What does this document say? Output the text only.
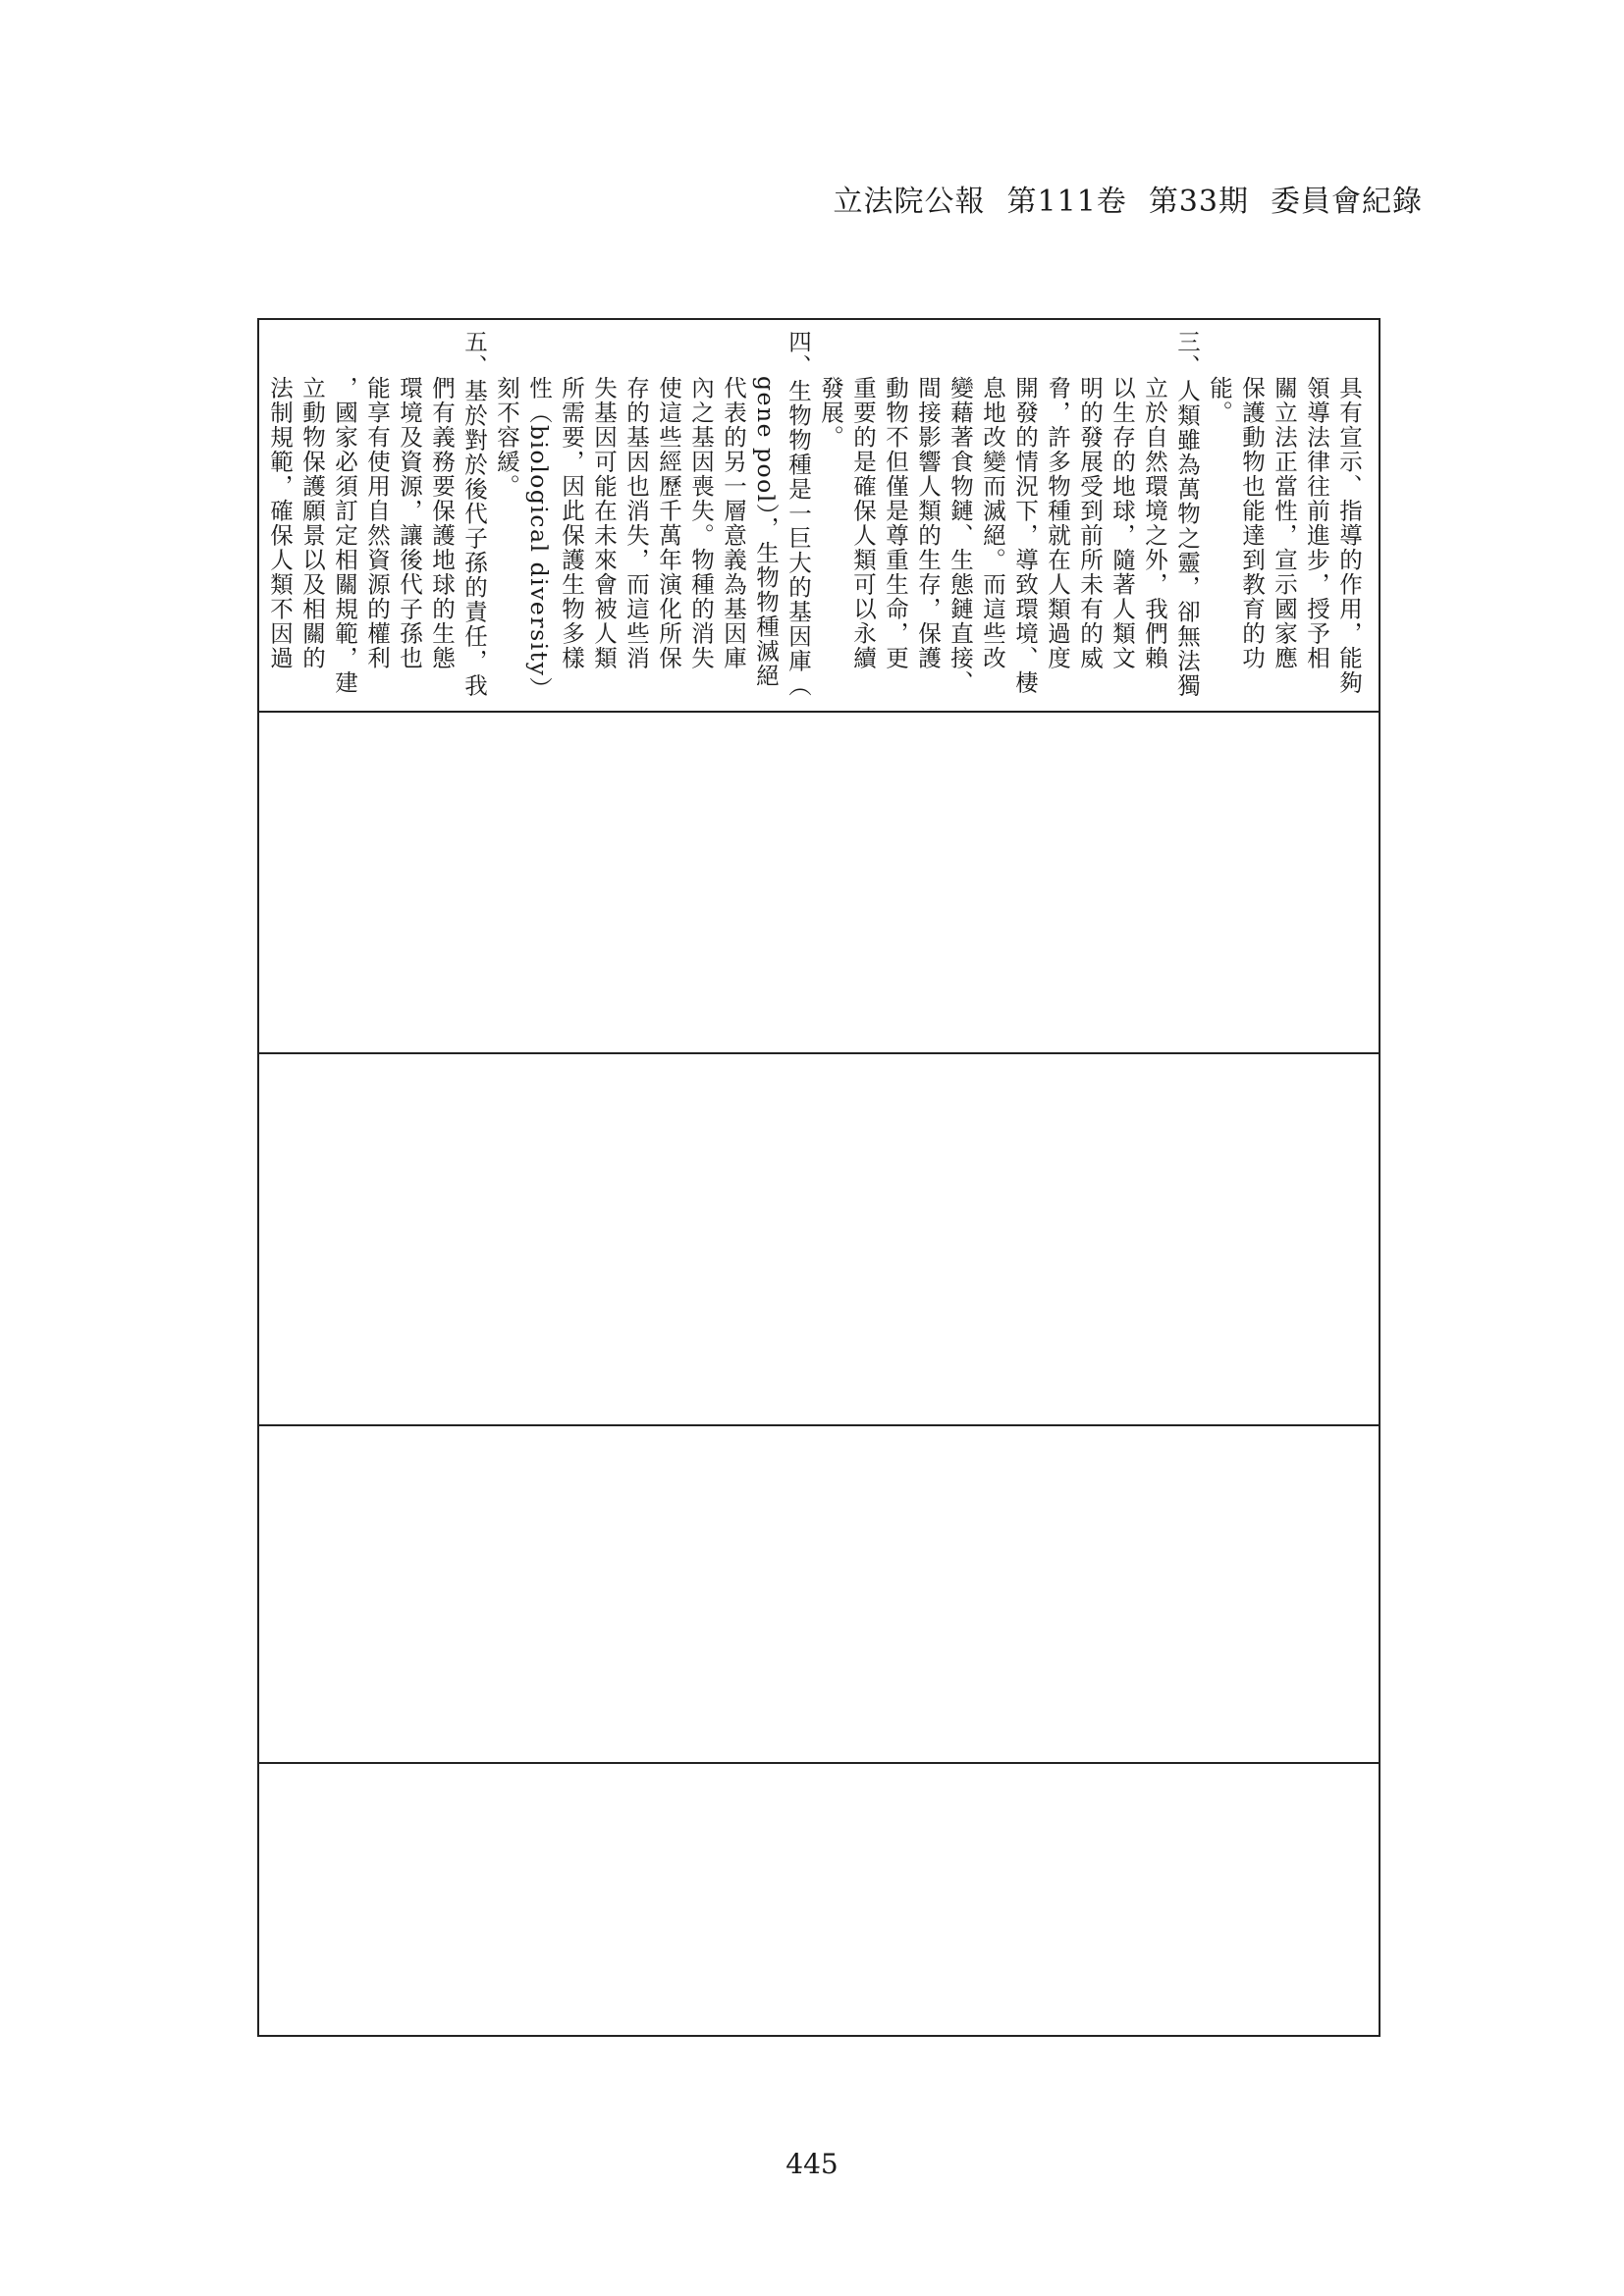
立法院公報 第111卷 第33期 委員會紀錄
具有宣示、指導的作用，能夠
領導法律往前進步，授予相
關立法正當性，宣示國家應
保護動物也能達到教育的功
能。
三、人類雖為萬物之靈，卻無法獨
立於自然環境之外，我們賴
以生存的地球，隨著人類文
明的發展受到前所未有的威
脅，許多物種就在人類過度
開發的情況下，導致環境、棲
息地改變而滅絕。而這些改
變藉著食物鏈、生態鏈直接、
間接影響人類的生存，保護
動物不但僅是尊重生命，更
重要的是確保人類可以永續
發展。
四、生物物種是一巨大的基因庫（
gene pool），生物物種滅絕
代表的另一層意義為基因庫
內之基因喪失。物種的消失
使這些經歷千萬年演化所保
存的基因也消失，而這些消
失基因可能在未來會被人類
所需要，因此保護生物多樣
性（biological diversity）
刻不容緩。
五、基於對於後代子孫的責任，我
們有義務要保護地球的生態
環境及資源，讓後代子孫也
能享有使用自然資源的權利
，國家必須訂定相關規範，建
立動物保護願景以及相關的
法制規範，確保人類不因過
445
